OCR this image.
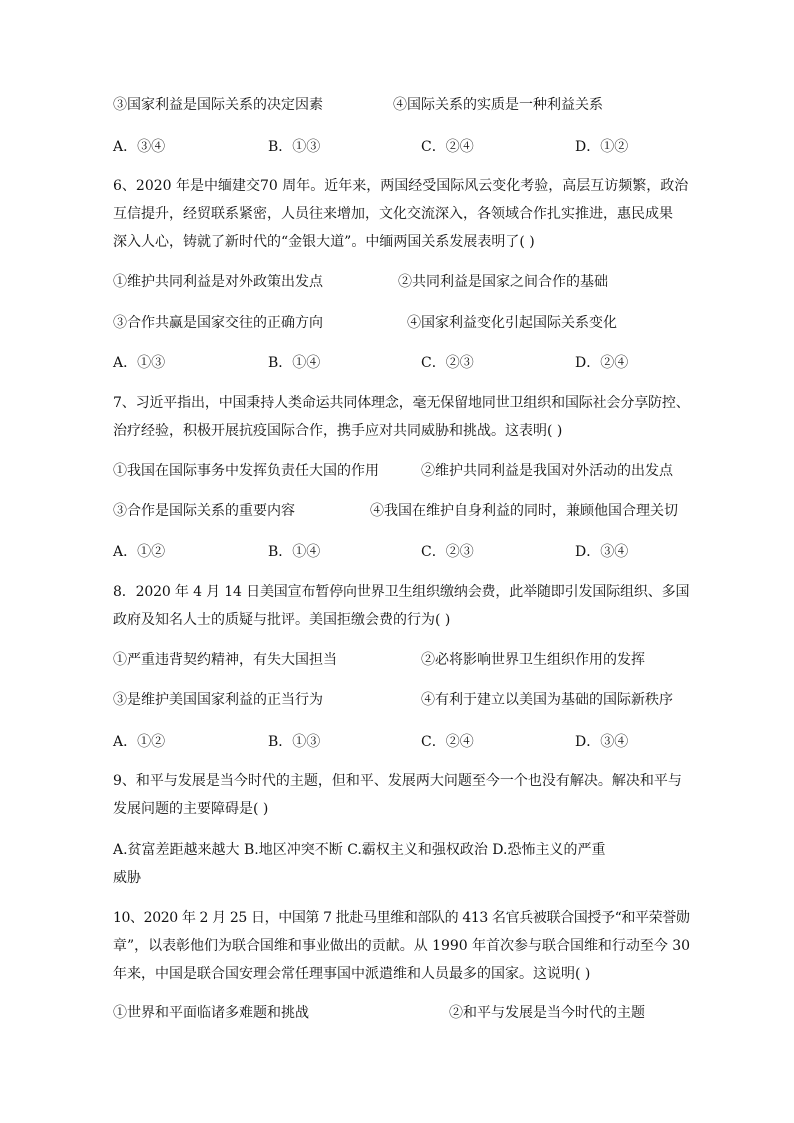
③国家利益是国际关系的决定因素	④国际关系的实质是一种利益关系
A．③④	B．①③	C．②④	D．①②
6、2020 年是中缅建交70 周年。近年来，两国经受国际风云变化考验，高层互访频繁，政治
互信提升，经贸联系紧密，人员往来增加，文化交流深入，各领域合作扎实推进，惠民成果
深入人心，铸就了新时代的“金银大道”。中缅两国关系发展表明了( )
①维护共同利益是对外政策出发点	②共同利益是国家之间合作的基础
③合作共赢是国家交往的正确方向	④国家利益变化引起国际关系变化
A．①③	B．①④	C．②③	D．②④
7、习近平指出，中国秉持人类命运共同体理念，毫无保留地同世卫组织和国际社会分享防控、
治疗经验，积极开展抗疫国际合作，携手应对共同威胁和挑战。这表明( )
①我国在国际事务中发挥负责任大国的作用	②维护共同利益是我国对外活动的出发点
③合作是国际关系的重要内容	④我国在维护自身利益的同时，兼顾他国合理关切
A．①②	B．①④	C．②③	D．③④
8．2020 年 4 月 14 日美国宣布暂停向世界卫生组织缴纳会费，此举随即引发国际组织、多国
政府及知名人士的质疑与批评。美国拒缴会费的行为( )
①严重违背契约精神，有失大国担当	②必将影响世界卫生组织作用的发挥
③是维护美国国家利益的正当行为	④有利于建立以美国为基础的国际新秩序
A．①②	B．①③	C．②④	D．③④
9、和平与发展是当今时代的主题，但和平、发展两大问题至今一个也没有解决。解决和平与
发展问题的主要障碍是( )
A.贫富差距越来越大 B.地区冲突不断 C.霸权主义和强权政治 D.恐怖主义的严重
威胁
10、2020 年 2 月 25 日，中国第 7 批赴马里维和部队的 413 名官兵被联合国授予“和平荣誉勋
章”，以表彰他们为联合国维和事业做出的贡献。从 1990 年首次参与联合国维和行动至今 30
年来，中国是联合国安理会常任理事国中派遣维和人员最多的国家。这说明( )
①世界和平面临诸多难题和挑战	②和平与发展是当今时代的主题
